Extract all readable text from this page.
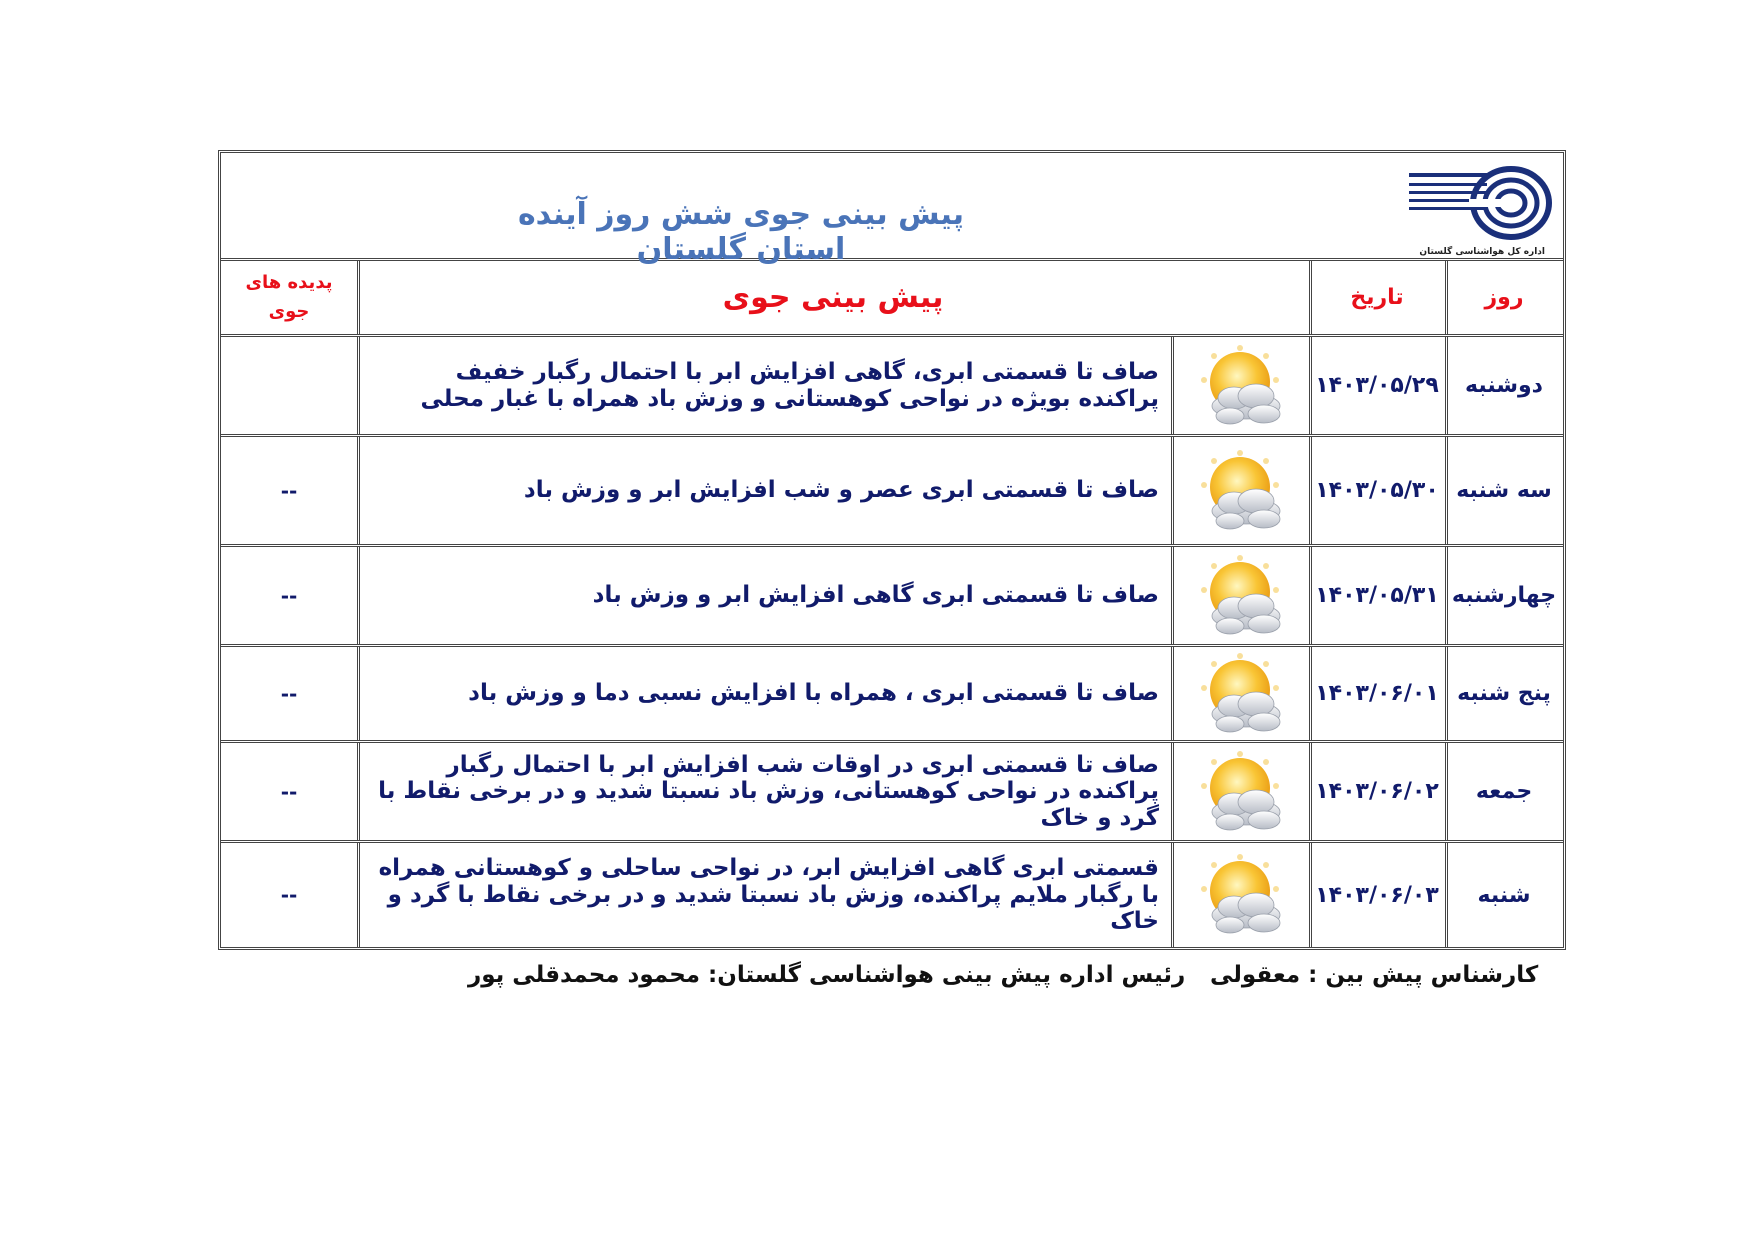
پیش بینی جوی شش روز آینده استان گلستان	اداره کل هواشناسی گلستان
روز
تاریخ
پیش بینی جوی
پدیده های
جوی
دوشنبه
۱۴۰۳/۰۵/۲۹
صاف تا قسمتی ابری، گاهی افزایش ابر با احتمال رگبار خفیف پراکنده بویژه در نواحی کوهستانی و وزش باد همراه با غبار محلی
سه شنبه
۱۴۰۳/۰۵/۳۰
صاف تا قسمتی ابری عصر و شب افزایش ابر و وزش باد
--
چهارشنبه
۱۴۰۳/۰۵/۳۱
صاف تا قسمتی ابری گاهی افزایش ابر و وزش باد
--
پنج شنبه
۱۴۰۳/۰۶/۰۱
صاف تا قسمتی ابری ، همراه با افزایش نسبی دما و وزش باد
--
جمعه
۱۴۰۳/۰۶/۰۲
صاف تا قسمتی ابری در اوقات شب افزایش ابر با احتمال رگبار پراکنده در نواحی کوهستانی، وزش باد نسبتا شدید و در برخی نقاط با گرد و خاک
--
شنبه
۱۴۰۳/۰۶/۰۳
قسمتی ابری گاهی افزایش ابر، در نواحی ساحلی و کوهستانی همراه با رگبار ملایم پراکنده، وزش باد نسبتا شدید و در برخی نقاط با گرد و خاک
--
کارشناس پیش بین : معقولی
رئیس اداره پیش بینی هواشناسی گلستان: محمود محمدقلی پور
